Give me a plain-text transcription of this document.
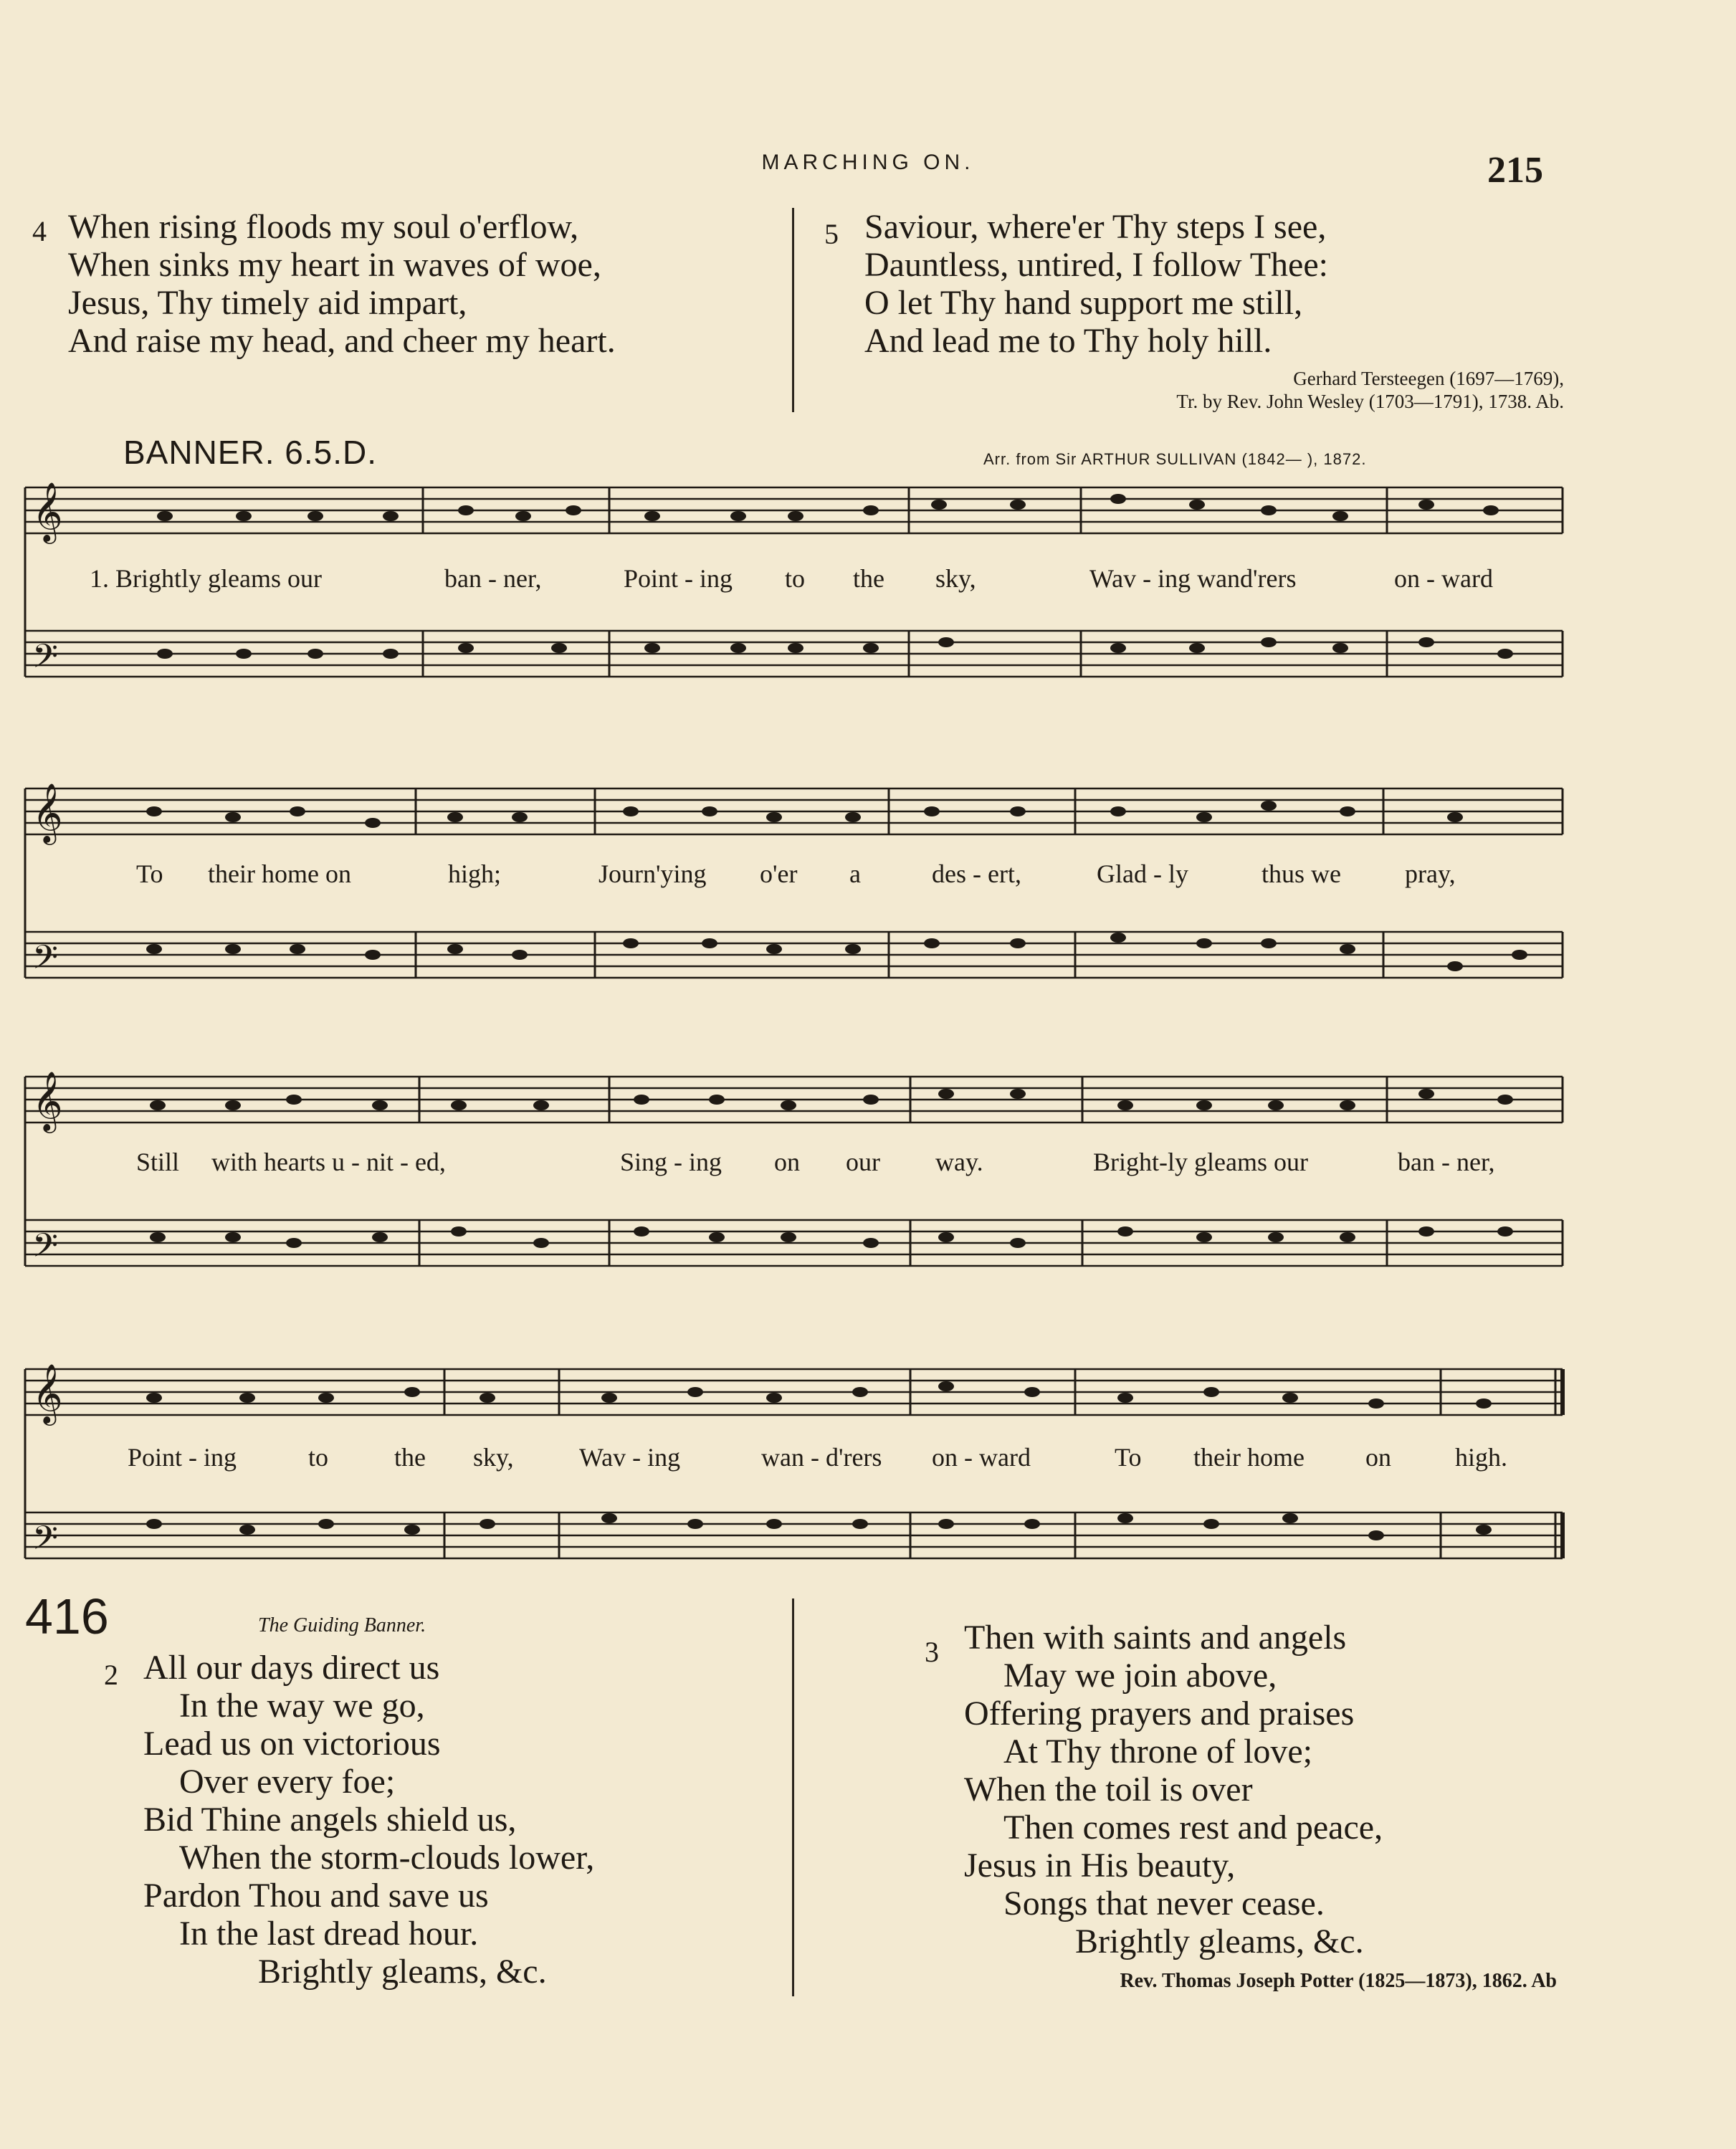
MARCHING ON.	215
4 When rising floods my soul o'erflow,
When sinks my heart in waves of woe,
Jesus, Thy timely aid impart,
And raise my head, and cheer my heart.
5 Saviour, where'er Thy steps I see,
Dauntless, untired, I follow Thee:
O let Thy hand support me still,
And lead me to Thy holy hill.
Gerhard Tersteegen (1697—1769),
Tr. by Rev. John Wesley (1703—1791), 1738. Ab.
BANNER. 6.5.D.	Arr. from Sir ARTHUR SULLIVAN (1842— ), 1872.
𝄞
𝄢
1. Brightly gleams our	ban - ner,	Point - ing to the sky,	Wav - ing wand'rers	on - ward
𝄞
𝄢
To their home on	high;	Journ'ying o'er a	des - ert,	Glad - ly	thus we pray,
𝄞
𝄢
Still with hearts u - nit - ed,	Sing - ing on our way.	Bright-ly gleams our	ban - ner,
𝄞
𝄢
Point - ing	to	the sky,	Wav - ing	wan - d'rers on - ward	To their home on high.
416	The Guiding Banner.
2 All our days direct us
In the way we go,
Lead us on victorious
Over every foe;
Bid Thine angels shield us,
When the storm-clouds lower,
Pardon Thou and save us
In the last dread hour.
Brightly gleams, &c.
3 Then with saints and angels
May we join above,
Offering prayers and praises
At Thy throne of love;
When the toil is over
Then comes rest and peace,
Jesus in His beauty,
Songs that never cease.
Brightly gleams, &c.
Rev. Thomas Joseph Potter (1825—1873), 1862. Ab
